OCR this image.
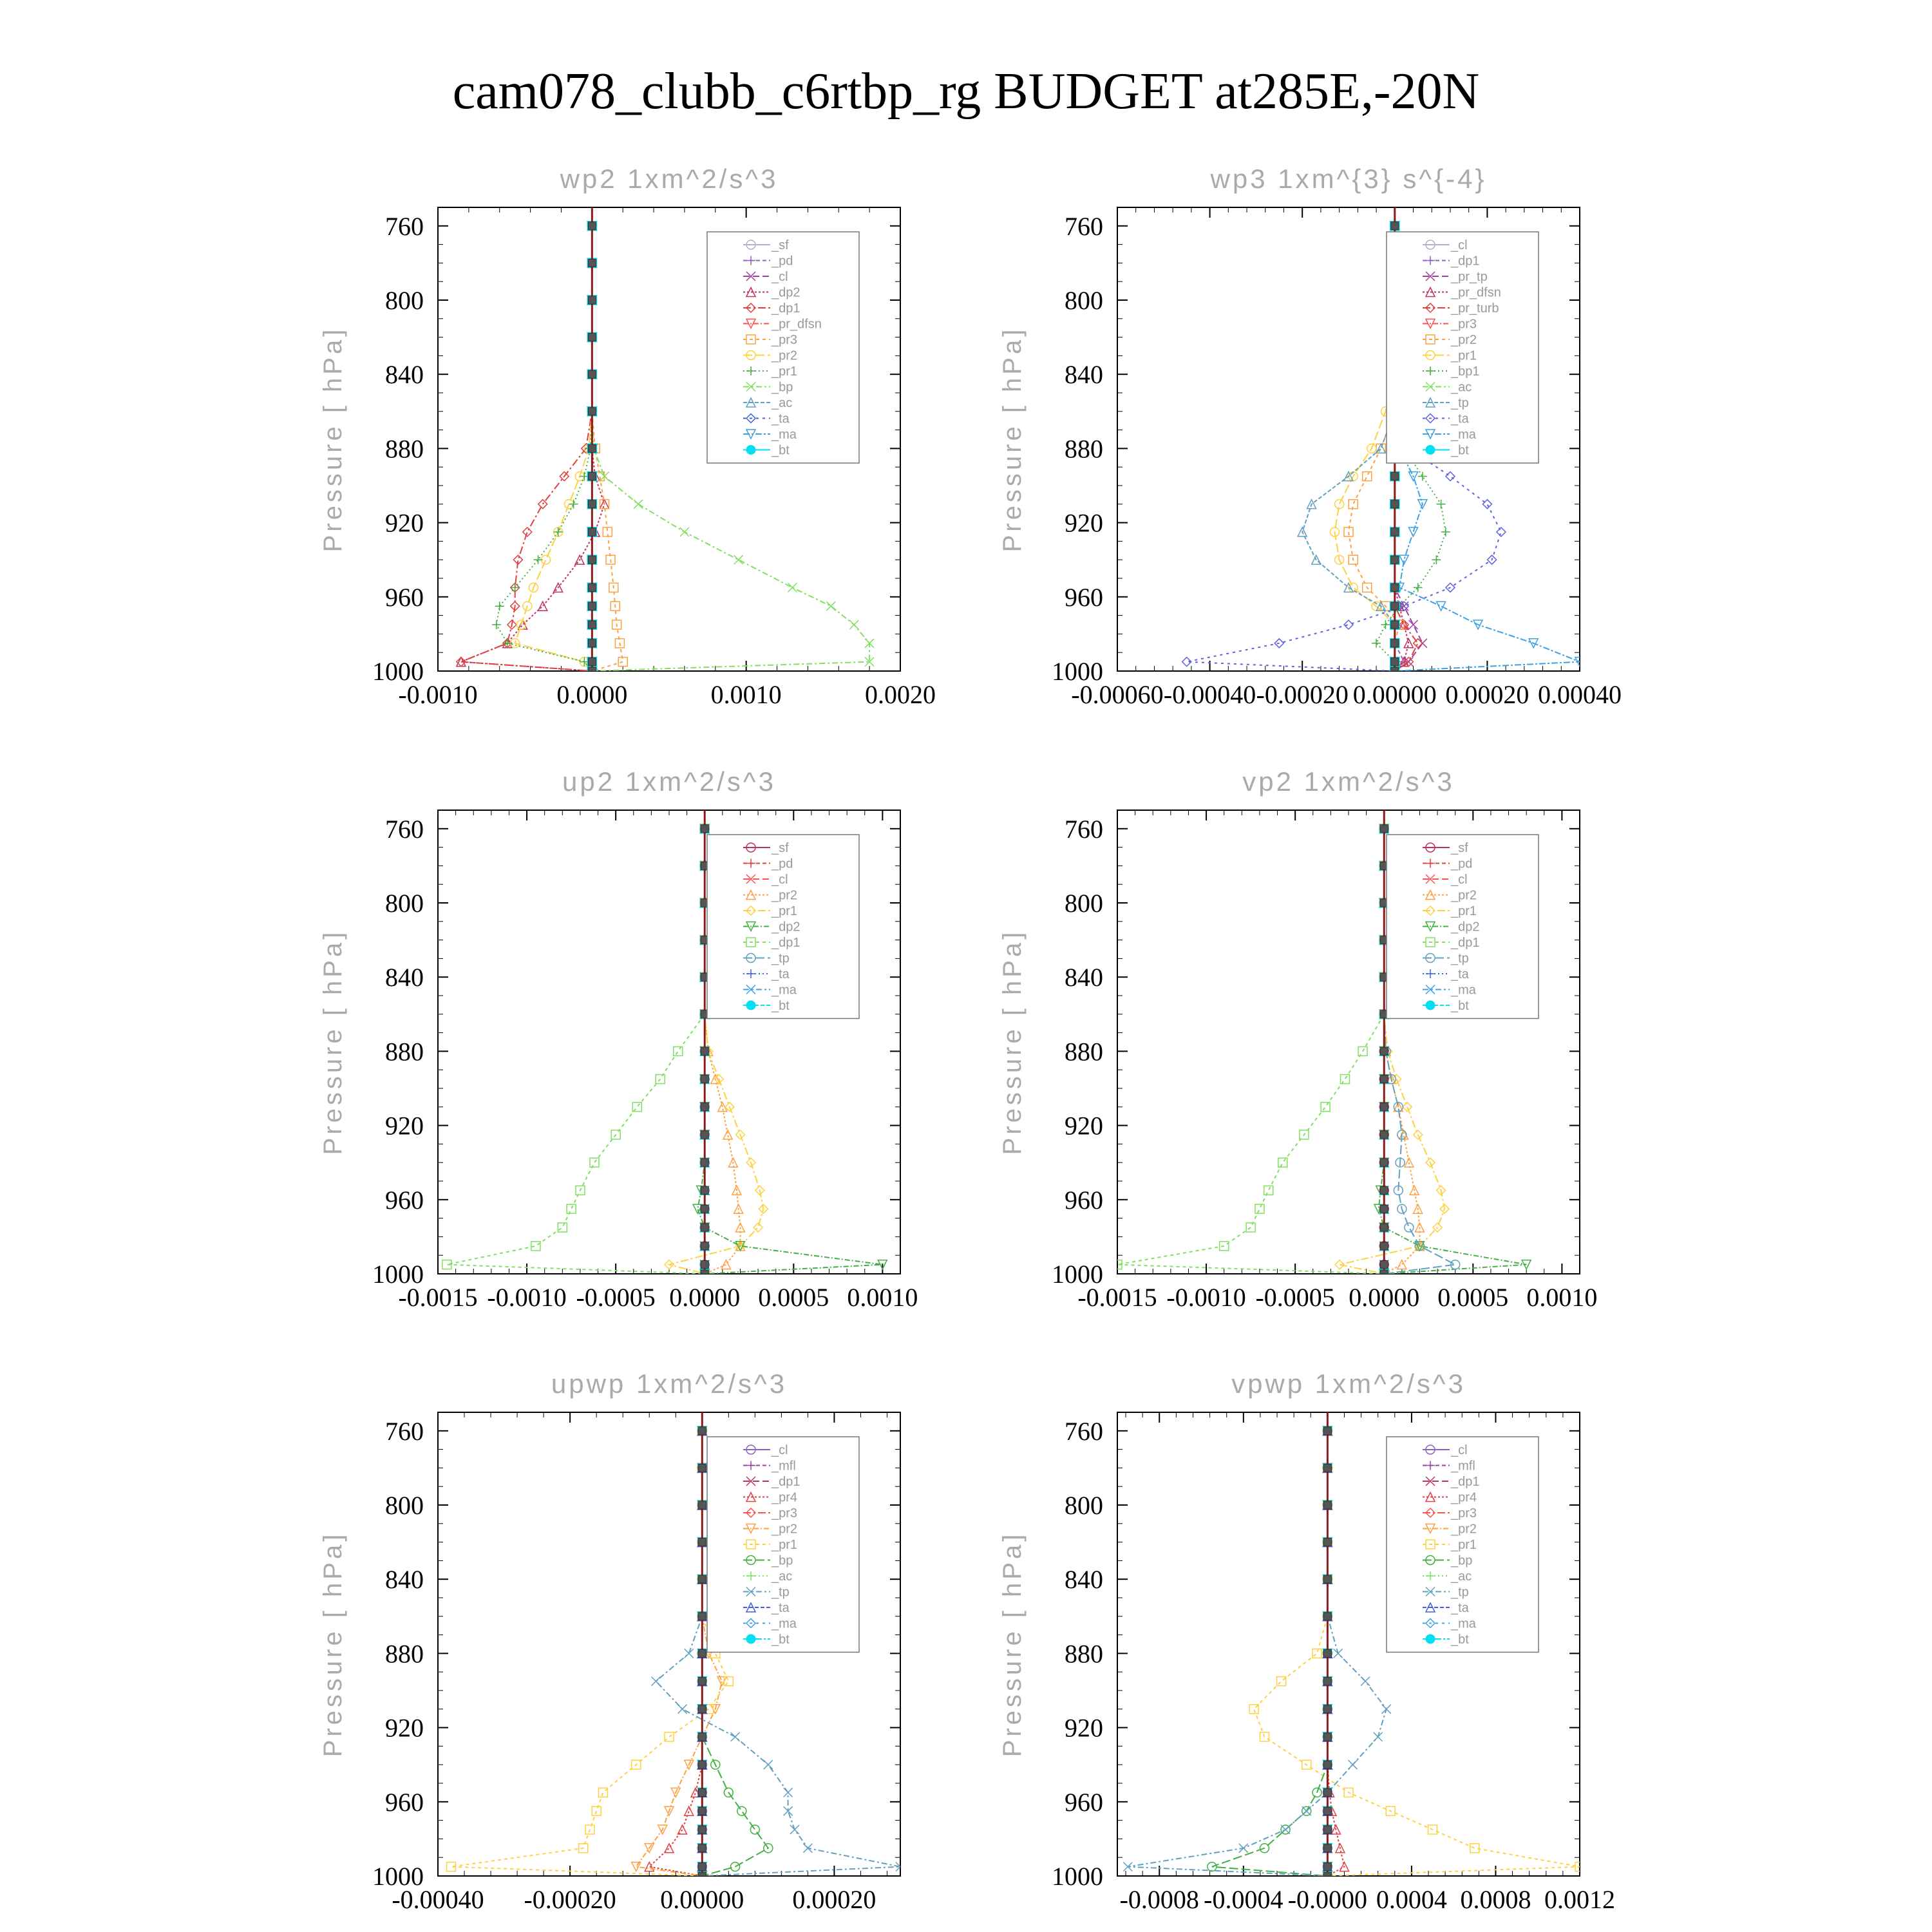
cam078_clubb_c6rtbp_rg BUDGET at285E,-20N
wp2 1xm^2/s^3
Pressure [ hPa]
760
800
840
880
920
960
1000
-0.0010	0.0000	0.0010	0.0020
_sf
_pd
_cl
_dp2
_dp1
_pr_dfsn
_pr3
_pr2
_pr1
_bp
_ac
_ta
_ma
_bt
wp3 1xm^{3} s^{-4}
Pressure [ hPa]
760
800
840
880
920
960
1000
-0.00060 -0.00040 -0.00020 0.00000 0.00020 0.00040
_cl
_dp1
_pr_tp
_pr_dfsn
_pr_turb
_pr3
_pr2
_pr1
_bp1
_ac
_tp
_ta
_ma
_bt
up2 1xm^2/s^3
Pressure [ hPa]
760
800
840
880
920
960
1000
-0.0015 -0.0010 -0.0005 0.0000 0.0005 0.0010
_sf
_pd
_cl
_pr2
_pr1
_dp2
_dp1
_tp
_ta
_ma
_bt
vp2 1xm^2/s^3
Pressure [ hPa]
760
800
840
880
920
960
1000
-0.0015 -0.0010 -0.0005 0.0000 0.0005 0.0010
_sf
_pd
_cl
_pr2
_pr1
_dp2
_dp1
_tp
_ta
_ma
_bt
upwp 1xm^2/s^3
Pressure [ hPa]
760
800
840
880
920
960
1000
-0.00040 -0.00020 0.00000 0.00020
_cl
_mfl
_dp1
_pr4
_pr3
_pr2
_pr1
_bp
_ac
_tp
_ta
_ma
_bt
vpwp 1xm^2/s^3
Pressure [ hPa]
760
800
840
880
920
960
1000
-0.0008 -0.0004 -0.0000 0.0004 0.0008 0.0012
_cl
_mfl
_dp1
_pr4
_pr3
_pr2
_pr1
_bp
_ac
_tp
_ta
_ma
_bt
